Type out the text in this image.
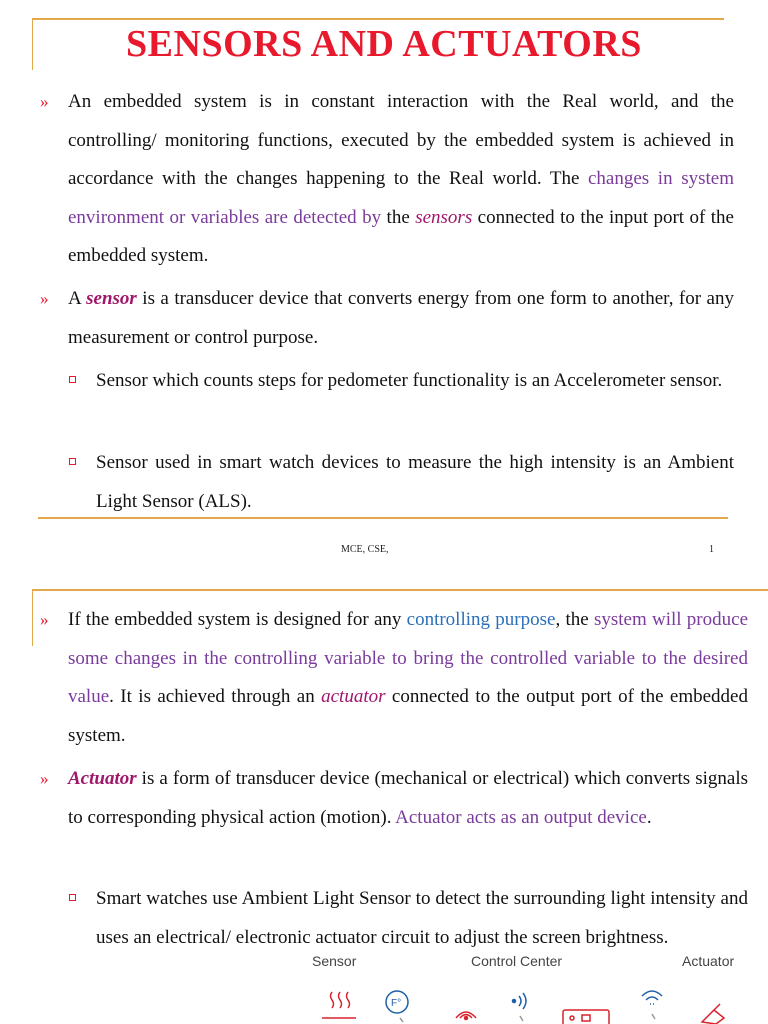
SENSORS AND ACTUATORS
» An embedded system is in constant interaction with the Real world, and the controlling/ monitoring functions, executed by the embedded system is achieved in accordance with the changes happening to the Real world. The changes in system environment or variables are detected by the sensors connected to the input port of the embedded system.
» A sensor is a transducer device that converts energy from one form to another, for any measurement or control purpose.
Sensor which counts steps for pedometer functionality is an Accelerometer sensor.
Sensor used in smart watch devices to measure the high intensity is an Ambient Light Sensor (ALS).
MCE, CSE,	1
» If the embedded system is designed for any controlling purpose, the system will produce some changes in the controlling variable to bring the controlled variable to the desired value. It is achieved through an actuator connected to the output port of the embedded system.
» Actuator is a form of transducer device (mechanical or electrical) which converts signals to corresponding physical action (motion). Actuator acts as an output device.
Smart watches use Ambient Light Sensor to detect the surrounding light intensity and uses an electrical/ electronic actuator circuit to adjust the screen brightness.
Sensor	Control Center	Actuator
F°
